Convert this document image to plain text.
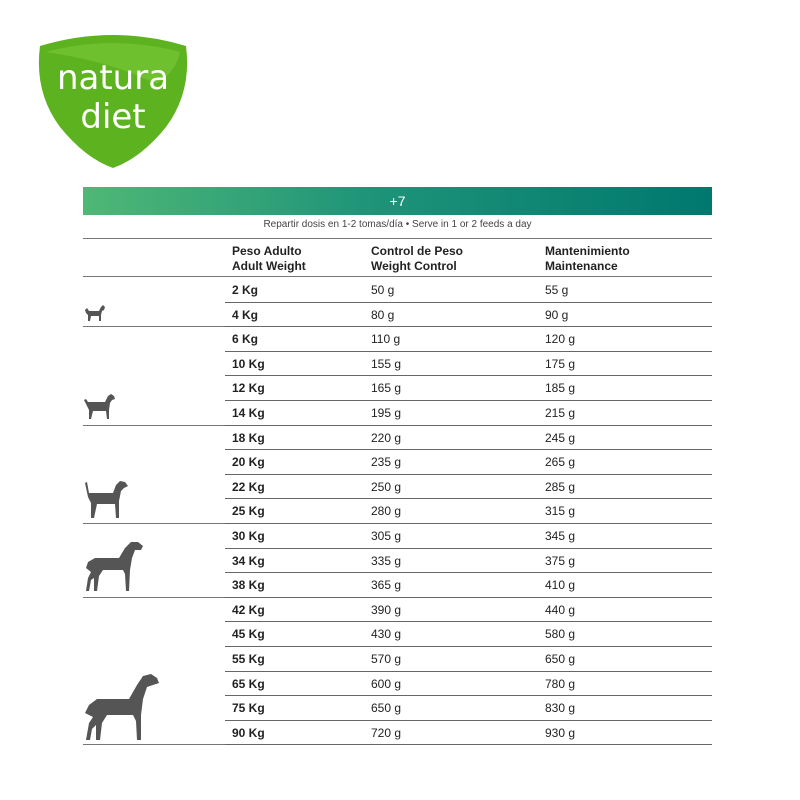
natura
diet
+7
Repartir dosis en 1-2 tomas/día • Serve in 1 or 2 feeds a day
Peso Adulto
Adult Weight
Control de Peso
Weight Control
Mantenimiento
Maintenance
2 Kg	50 g	55 g
4 Kg	80 g	90 g
6 Kg	110 g	120 g
10 Kg	155 g	175 g
12 Kg	165 g	185 g
14 Kg	195 g	215 g
18 Kg	220 g	245 g
20 Kg	235 g	265 g
22 Kg	250 g	285 g
25 Kg	280 g	315 g
30 Kg	305 g	345 g
34 Kg	335 g	375 g
38 Kg	365 g	410 g
42 Kg	390 g	440 g
45 Kg	430 g	580 g
55 Kg	570 g	650 g
65 Kg	600 g	780 g
75 Kg	650 g	830 g
90 Kg	720 g	930 g
